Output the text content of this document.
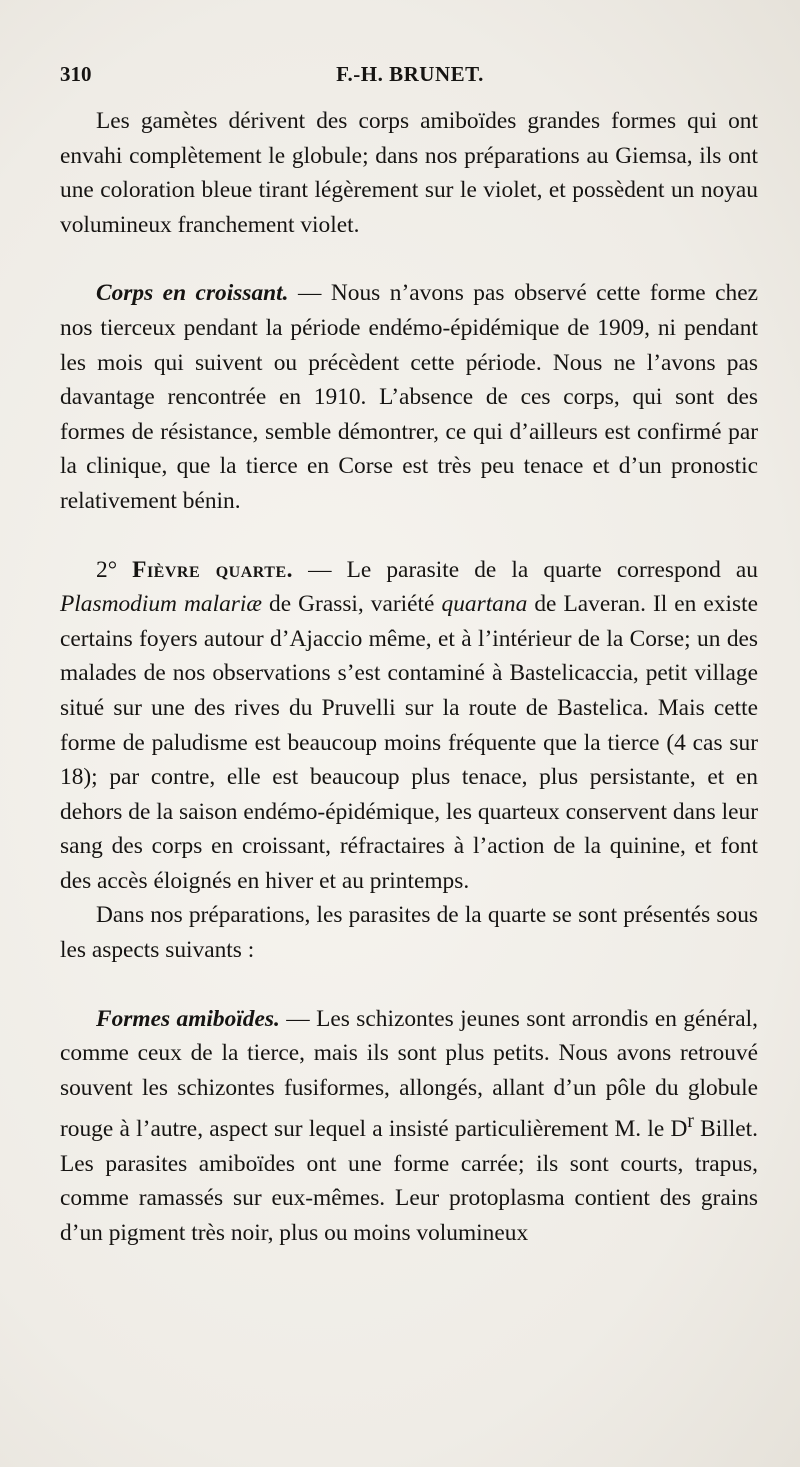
310	F.-H. BRUNET.

Les gamètes dérivent des corps amiboïdes grandes formes qui ont envahi complètement le globule; dans nos préparations au Giemsa, ils ont une coloration bleue tirant légèrement sur le violet, et possèdent un noyau volumineux franchement violet.

Corps en croissant. — Nous n’avons pas observé cette forme chez nos tierceux pendant la période endémo-épidémique de 1909, ni pendant les mois qui suivent ou précèdent cette période. Nous ne l’avons pas davantage rencontrée en 1910. L’absence de ces corps, qui sont des formes de résistance, semble démontrer, ce qui d’ailleurs est confirmé par la clinique, que la tierce en Corse est très peu tenace et d’un pronostic relativement bénin.

2° Fièvre quarte. — Le parasite de la quarte correspond au Plasmodium malariæ de Grassi, variété quartana de Laveran. Il en existe certains foyers autour d’Ajaccio même, et à l’intérieur de la Corse; un des malades de nos observations s’est contaminé à Bastelicaccia, petit village situé sur une des rives du Pruvelli sur la route de Bastelica. Mais cette forme de paludisme est beaucoup moins fréquente que la tierce (4 cas sur 18); par contre, elle est beaucoup plus tenace, plus persistante, et en dehors de la saison endémo-épidémique, les quarteux conservent dans leur sang des corps en croissant, réfractaires à l’action de la quinine, et font des accès éloignés en hiver et au printemps.

Dans nos préparations, les parasites de la quarte se sont présentés sous les aspects suivants :

Formes amiboïdes. — Les schizontes jeunes sont arrondis en général, comme ceux de la tierce, mais ils sont plus petits. Nous avons retrouvé souvent les schizontes fusiformes, allongés, allant d’un pôle du globule rouge à l’autre, aspect sur lequel a insisté particulièrement M. le $D^r$ Billet. Les parasites amiboïdes ont une forme carrée; ils sont courts, trapus, comme ramassés sur eux-mêmes. Leur protoplasma contient des grains d’un pigment très noir, plus ou moins volumineux
